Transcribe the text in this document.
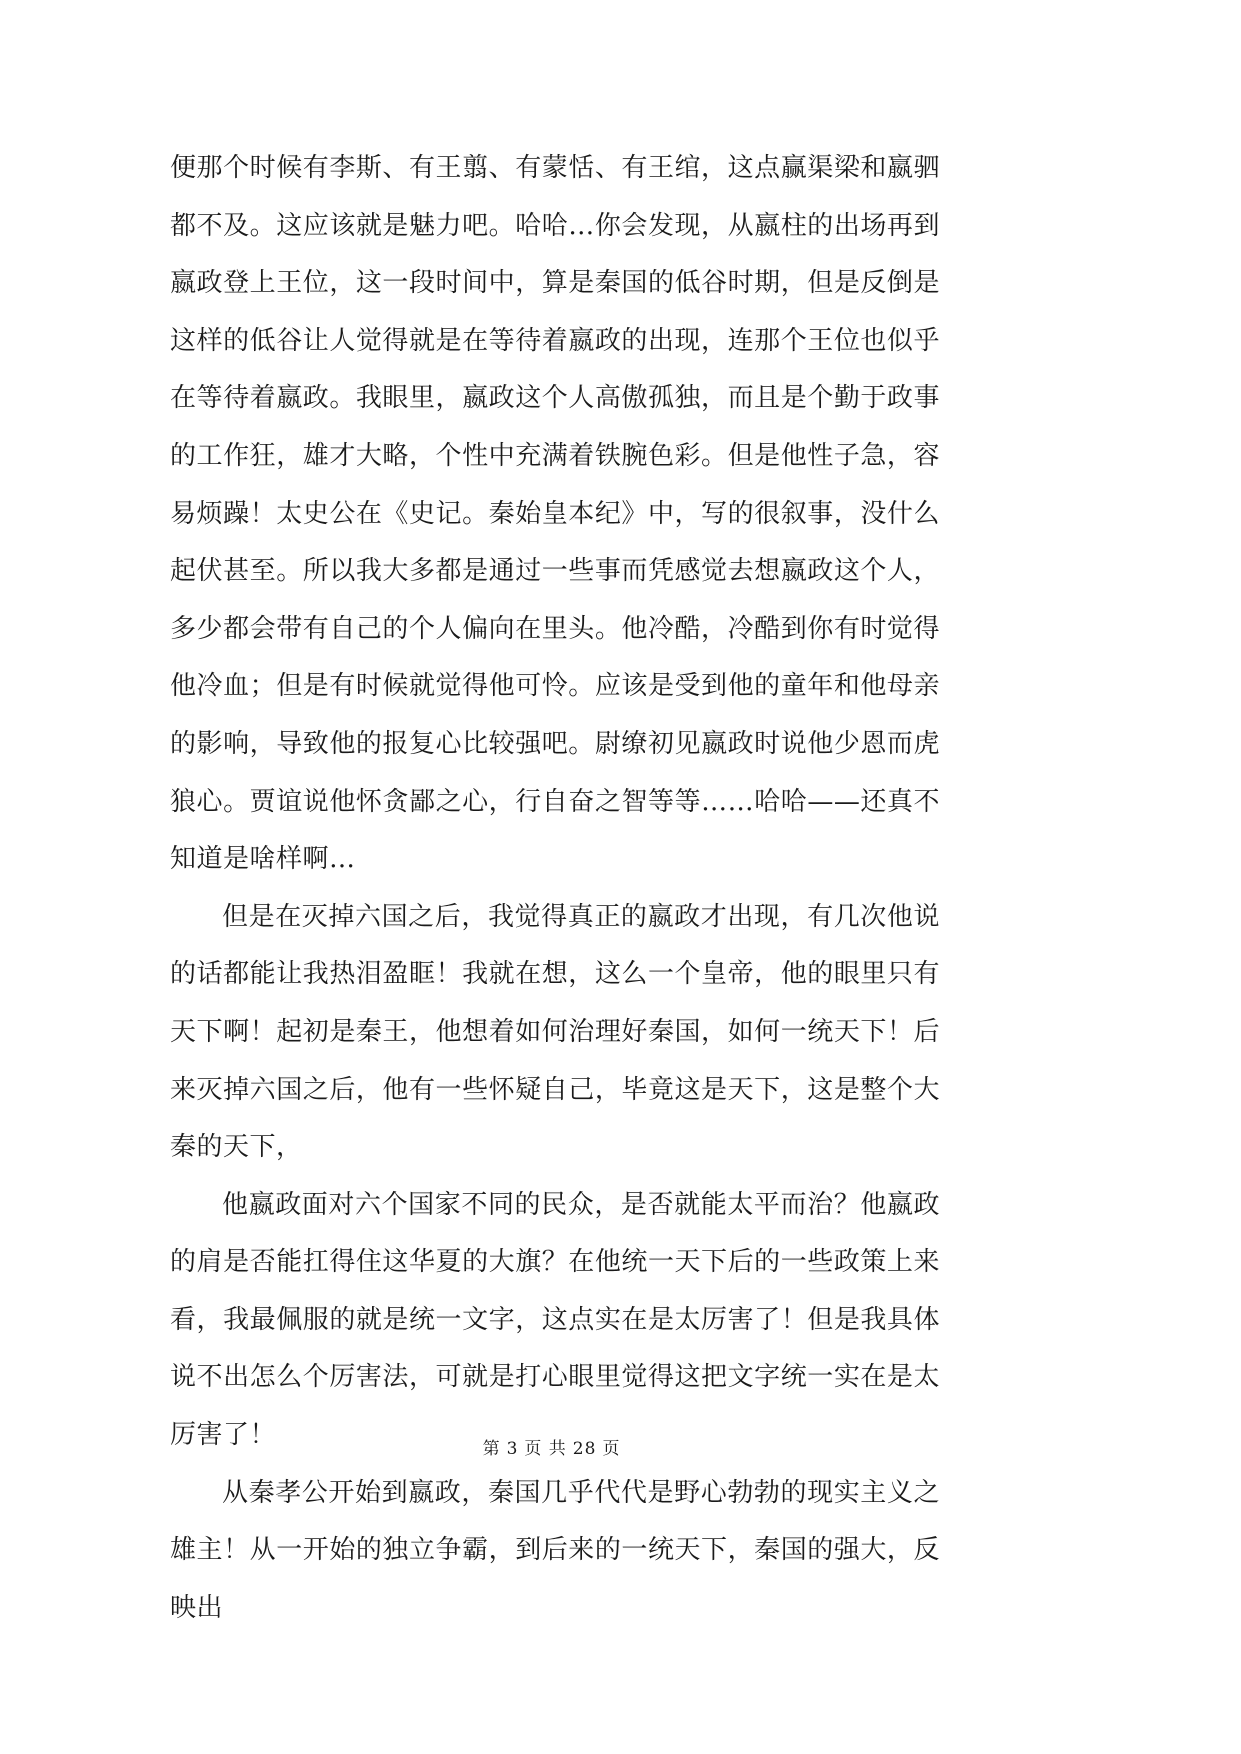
便那个时候有李斯、有王翦、有蒙恬、有王绾，这点赢渠梁和嬴驷都不及。这应该就是魅力吧。哈哈…你会发现，从嬴柱的出场再到嬴政登上王位，这一段时间中，算是秦国的低谷时期，但是反倒是这样的低谷让人觉得就是在等待着嬴政的出现，连那个王位也似乎在等待着嬴政。我眼里，嬴政这个人高傲孤独，而且是个勤于政事的工作狂，雄才大略，个性中充满着铁腕色彩。但是他性子急，容易烦躁！太史公在《史记。秦始皇本纪》中，写的很叙事，没什么起伏甚至。所以我大多都是通过一些事而凭感觉去想嬴政这个人，多少都会带有自己的个人偏向在里头。他冷酷，冷酷到你有时觉得他冷血；但是有时候就觉得他可怜。应该是受到他的童年和他母亲的影响，导致他的报复心比较强吧。尉缭初见嬴政时说他少恩而虎狼心。贾谊说他怀贪鄙之心，行自奋之智等等……哈哈——还真不知道是啥样啊…

但是在灭掉六国之后，我觉得真正的嬴政才出现，有几次他说的话都能让我热泪盈眶！我就在想，这么一个皇帝，他的眼里只有天下啊！起初是秦王，他想着如何治理好秦国，如何一统天下！后来灭掉六国之后，他有一些怀疑自己，毕竟这是天下，这是整个大秦的天下，

他嬴政面对六个国家不同的民众，是否就能太平而治？他嬴政的肩是否能扛得住这华夏的大旗？在他统一天下后的一些政策上来看，我最佩服的就是统一文字，这点实在是太厉害了！但是我具体说不出怎么个厉害法，可就是打心眼里觉得这把文字统一实在是太厉害了！

从秦孝公开始到嬴政，秦国几乎代代是野心勃勃的现实主义之雄主！从一开始的独立争霸，到后来的一统天下，秦国的强大，反映出

第 3 页 共 28 页
